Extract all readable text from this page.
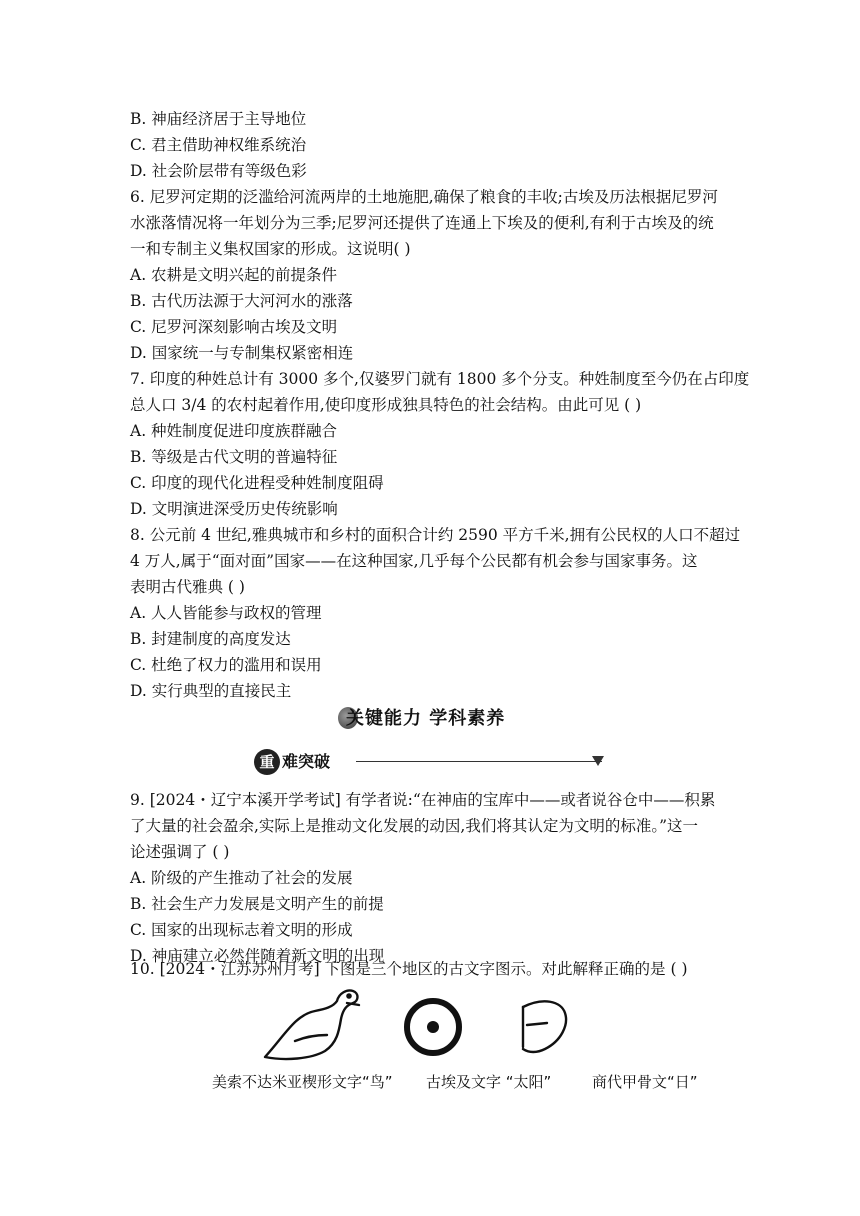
B. 神庙经济居于主导地位
C. 君主借助神权维系统治
D. 社会阶层带有等级色彩
6. 尼罗河定期的泛滥给河流两岸的土地施肥,确保了粮食的丰收;古埃及历法根据尼罗河
水涨落情况将一年划分为三季;尼罗河还提供了连通上下埃及的便利,有利于古埃及的统
一和专制主义集权国家的形成。这说明( )
A. 农耕是文明兴起的前提条件
B. 古代历法源于大河河水的涨落
C. 尼罗河深刻影响古埃及文明
D. 国家统一与专制集权紧密相连
7. 印度的种姓总计有 3000 多个,仅婆罗门就有 1800 多个分支。种姓制度至今仍在占印度
总人口 3/4 的农村起着作用,使印度形成独具特色的社会结构。由此可见 ( )
A. 种姓制度促进印度族群融合
B. 等级是古代文明的普遍特征
C. 印度的现代化进程受种姓制度阻碍
D. 文明演进深受历史传统影响
8. 公元前 4 世纪,雅典城市和乡村的面积合计约 2590 平方千米,拥有公民权的人口不超过
4 万人,属于“面对面”国家——在这种国家,几乎每个公民都有机会参与国家事务。这
表明古代雅典 ( )
A. 人人皆能参与政权的管理
B. 封建制度的高度发达
C. 杜绝了权力的滥用和误用
D. 实行典型的直接民主
关键能力 学科素养
重 难突破
9. [2024・辽宁本溪开学考试] 有学者说:“在神庙的宝库中——或者说谷仓中——积累
了大量的社会盈余,实际上是推动文化发展的动因,我们将其认定为文明的标准。”这一
论述强调了 ( )
A. 阶级的产生推动了社会的发展
B. 社会生产力发展是文明产生的前提
C. 国家的出现标志着文明的形成
D. 神庙建立必然伴随着新文明的出现
10. [2024・江苏苏州月考] 下图是三个地区的古文字图示。对此解释正确的是 ( )
美索不达米亚楔形文字“鸟” 古埃及文字 “太阳”	商代甲骨文“日”
